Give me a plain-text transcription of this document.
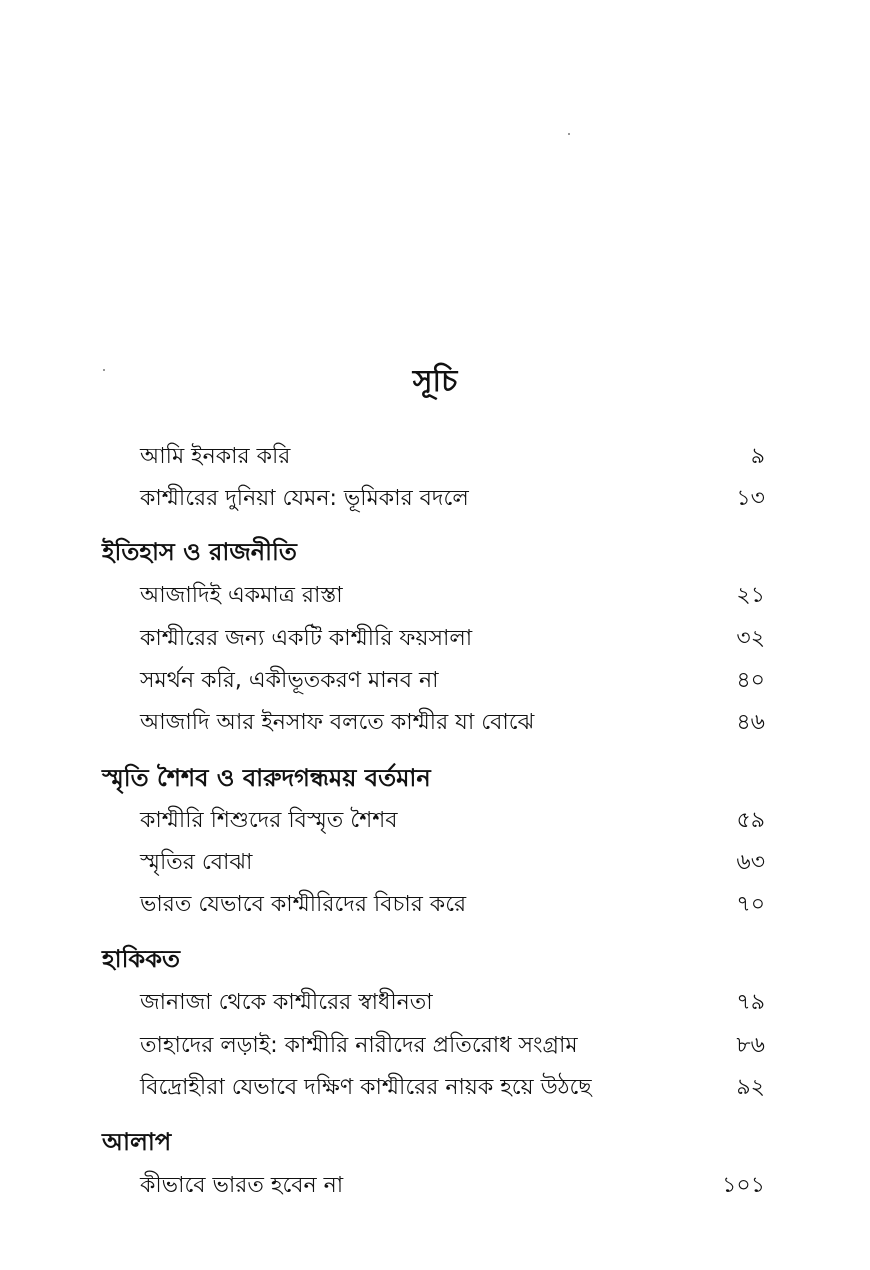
সূচি
আমি ইনকার করি	৯
কাশ্মীরের দুনিয়া যেমন: ভূমিকার বদলে	১৩
ইতিহাস ও রাজনীতি
আজাদিই একমাত্র রাস্তা	২১
কাশ্মীরের জন্য একটি কাশ্মীরি ফয়সালা	৩২
সমর্থন করি, একীভূতকরণ মানব না	৪০
আজাদি আর ইনসাফ বলতে কাশ্মীর যা বোঝে	৪৬
স্মৃতি শৈশব ও বারুদগন্ধময় বর্তমান
কাশ্মীরি শিশুদের বিস্মৃত শৈশব	৫৯
স্মৃতির বোঝা	৬৩
ভারত যেভাবে কাশ্মীরিদের বিচার করে	৭০
হাকিকত
জানাজা থেকে কাশ্মীরের স্বাধীনতা	৭৯
তাহাদের লড়াই: কাশ্মীরি নারীদের প্রতিরোধ সংগ্রাম	৮৬
বিদ্রোহীরা যেভাবে দক্ষিণ কাশ্মীরের নায়ক হয়ে উঠছে	৯২
আলাপ
কীভাবে ভারত হবেন না	১০১
